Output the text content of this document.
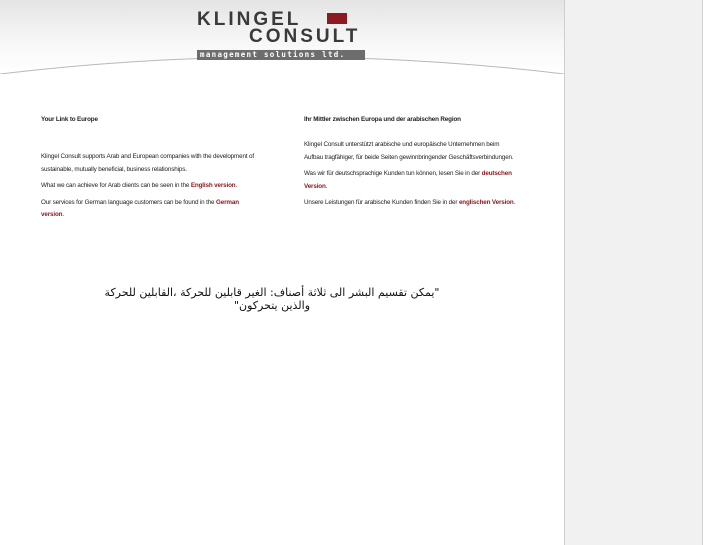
KLINGEL
CONSULT
management solutions ltd.
Your Link to Europe

Klingel Consult supports Arab and European companies with the development of sustainable, mutually beneficial, business relationships.

What we can achieve for Arab clients can be seen in the English version.

Our services for German language customers can be found in the German version.

Ihr Mittler zwischen Europa und der arabischen Region

Klingel Consult unterstützt arabische und europäische Unternehmen beim Aufbau tragfähiger, für beide Seiten gewinnbringender Geschäftsverbindungen.

Was wir für deutschsprachige Kunden tun können, lesen Sie in der deutschen Version.

Unsere Leistungen für arabische Kunden finden Sie in der englischen Version.

"يمكن تقسيم البشر الى ثلاثة أصناف: الغير قابلين للحركة ،القابلين للحركة والذين يتحركون"
